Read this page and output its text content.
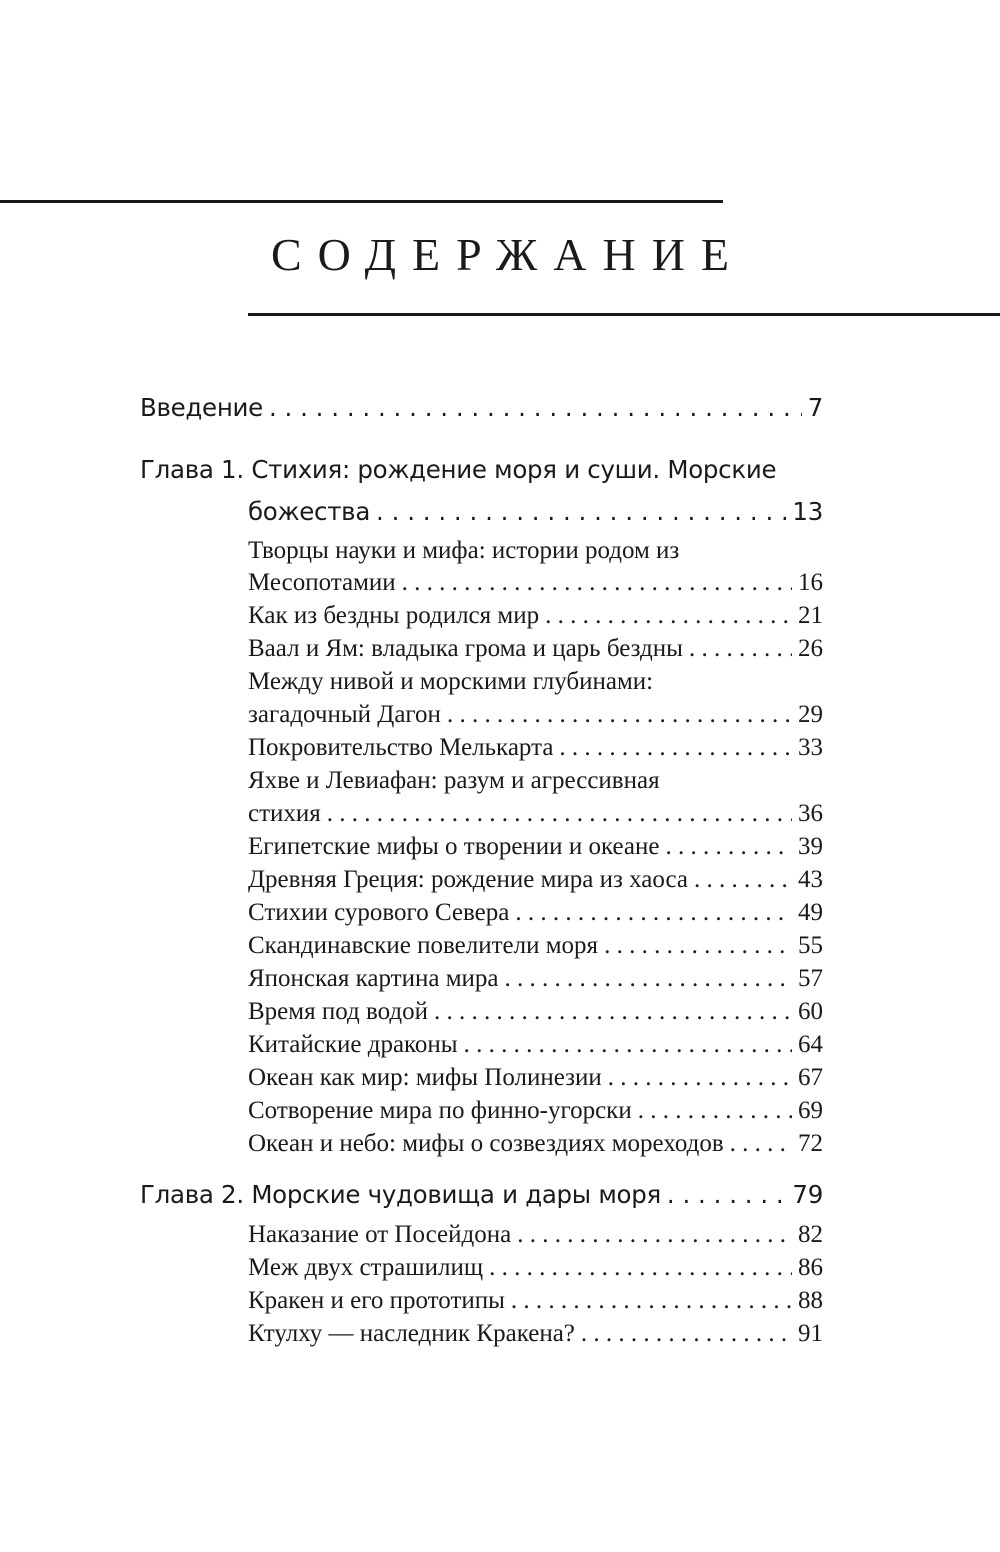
СОДЕРЖАНИЕ
Введение . . .	7
Глава 1. Стихия: рождение моря и суши. Морские
божества . . .	13
Творцы науки и мифа: истории родом из
Месопотамии . . .	16
Как из бездны родился мир . . .	21
Ваал и Ям: владыка грома и царь бездны . . .	26
Между нивой и морскими глубинами:
загадочный Дагон . . .	29
Покровительство Мелькарта . . .	33
Яхве и Левиафан: разум и агрессивная
стихия . . .	36
Египетские мифы о творении и океане . . .	39
Древняя Греция: рождение мира из хаоса . . .	43
Стихии сурового Севера . . .	49
Скандинавские повелители моря . . .	55
Японская картина мира . . .	57
Время под водой . . .	60
Китайские драконы . . .	64
Океан как мир: мифы Полинезии . . .	67
Сотворение мира по финно-угорски . . .	69
Океан и небо: мифы о созвездиях мореходов . . .	72
Глава 2. Морские чудовища и дары моря . . .	79
Наказание от Посейдона . . .	82
Меж двух страшилищ . . .	86
Кракен и его прототипы . . .	88
Ктулху — наследник Кракена? . . .	91
